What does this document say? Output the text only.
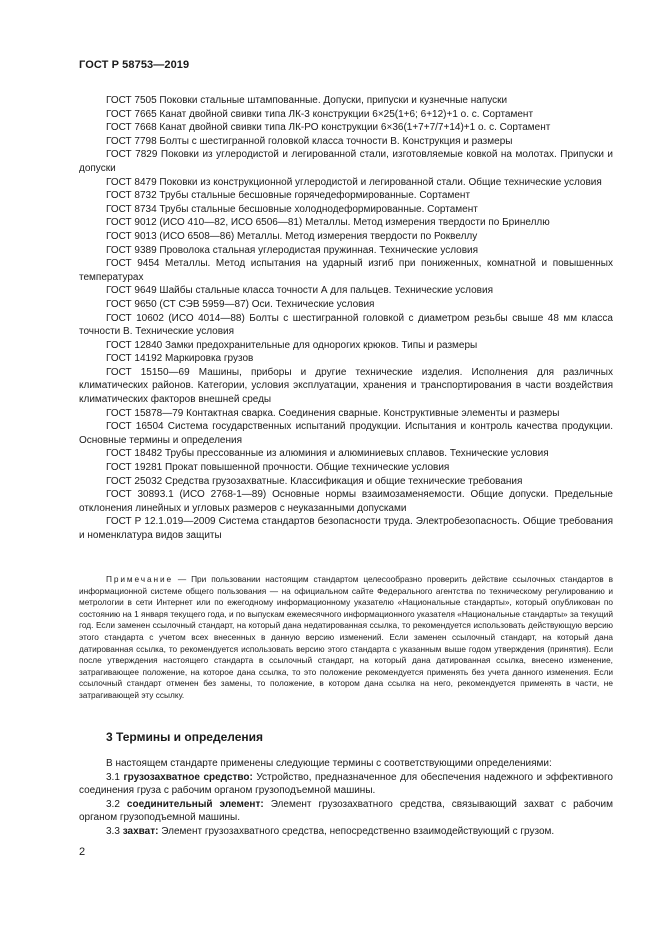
ГОСТ Р 58753—2019

ГОСТ 7505 Поковки стальные штампованные. Допуски, припуски и кузнечные напуски

ГОСТ 7665 Канат двойной свивки типа ЛК-3 конструкции 6×25(1+6; 6+12)+1 о. с. Сортамент

ГОСТ 7668 Канат двойной свивки типа ЛК-РО конструкции 6×36(1+7+7/7+14)+1 о. с. Сортамент

ГОСТ 7798 Болты с шестигранной головкой класса точности В. Конструкция и размеры

ГОСТ 7829 Поковки из углеродистой и легированной стали, изготовляемые ковкой на молотах. Припуски и допуски

ГОСТ 8479 Поковки из конструкционной углеродистой и легированной стали. Общие технические условия

ГОСТ 8732 Трубы стальные бесшовные горячедеформированные. Сортамент

ГОСТ 8734 Трубы стальные бесшовные холоднодеформированные. Сортамент

ГОСТ 9012 (ИСО 410—82, ИСО 6506—81) Металлы. Метод измерения твердости по Бринеллю

ГОСТ 9013 (ИСО 6508—86) Металлы. Метод измерения твердости по Роквеллу

ГОСТ 9389 Проволока стальная углеродистая пружинная. Технические условия

ГОСТ 9454 Металлы. Метод испытания на ударный изгиб при пониженных, комнатной и повышенных температурах

ГОСТ 9649 Шайбы стальные класса точности А для пальцев. Технические условия

ГОСТ 9650 (СТ СЭВ 5959—87) Оси. Технические условия

ГОСТ 10602 (ИСО 4014—88) Болты с шестигранной головкой с диаметром резьбы свыше 48 мм класса точности В. Технические условия

ГОСТ 12840 Замки предохранительные для однорогих крюков. Типы и размеры

ГОСТ 14192 Маркировка грузов

ГОСТ 15150—69 Машины, приборы и другие технические изделия. Исполнения для различных климатических районов. Категории, условия эксплуатации, хранения и транспортирования в части воздействия климатических факторов внешней среды

ГОСТ 15878—79 Контактная сварка. Соединения сварные. Конструктивные элементы и размеры

ГОСТ 16504 Система государственных испытаний продукции. Испытания и контроль качества продукции. Основные термины и определения

ГОСТ 18482 Трубы прессованные из алюминия и алюминиевых сплавов. Технические условия

ГОСТ 19281 Прокат повышенной прочности. Общие технические условия

ГОСТ 25032 Средства грузозахватные. Классификация и общие технические требования

ГОСТ 30893.1 (ИСО 2768-1—89) Основные нормы взаимозаменяемости. Общие допуски. Предельные отклонения линейных и угловых размеров с неуказанными допусками

ГОСТ Р 12.1.019—2009 Система стандартов безопасности труда. Электробезопасность. Общие требования и номенклатура видов защиты

Примечание — При пользовании настоящим стандартом целесообразно проверить действие ссылочных стандартов в информационной системе общего пользования — на официальном сайте Федерального агентства по техническому регулированию и метрологии в сети Интернет или по ежегодному информационному указателю «Национальные стандарты», который опубликован по состоянию на 1 января текущего года, и по выпускам ежемесячного информационного указателя «Национальные стандарты» за текущий год. Если заменен ссылочный стандарт, на который дана недатированная ссылка, то рекомендуется использовать действующую версию этого стандарта с учетом всех внесенных в данную версию изменений. Если заменен ссылочный стандарт, на который дана датированная ссылка, то рекомендуется использовать версию этого стандарта с указанным выше годом утверждения (принятия). Если после утверждения настоящего стандарта в ссылочный стандарт, на который дана датированная ссылка, внесено изменение, затрагивающее положение, на которое дана ссылка, то это положение рекомендуется применять без учета данного изменения. Если ссылочный стандарт отменен без замены, то положение, в котором дана ссылка на него, рекомендуется применять в части, не затрагивающей эту ссылку.

3 Термины и определения

В настоящем стандарте применены следующие термины с соответствующими определениями:

3.1 грузозахватное средство: Устройство, предназначенное для обеспечения надежного и эффективного соединения груза с рабочим органом грузоподъемной машины.

3.2 соединительный элемент: Элемент грузозахватного средства, связывающий захват с рабочим органом грузоподъемной машины.

3.3 захват: Элемент грузозахватного средства, непосредственно взаимодействующий с грузом.

2
